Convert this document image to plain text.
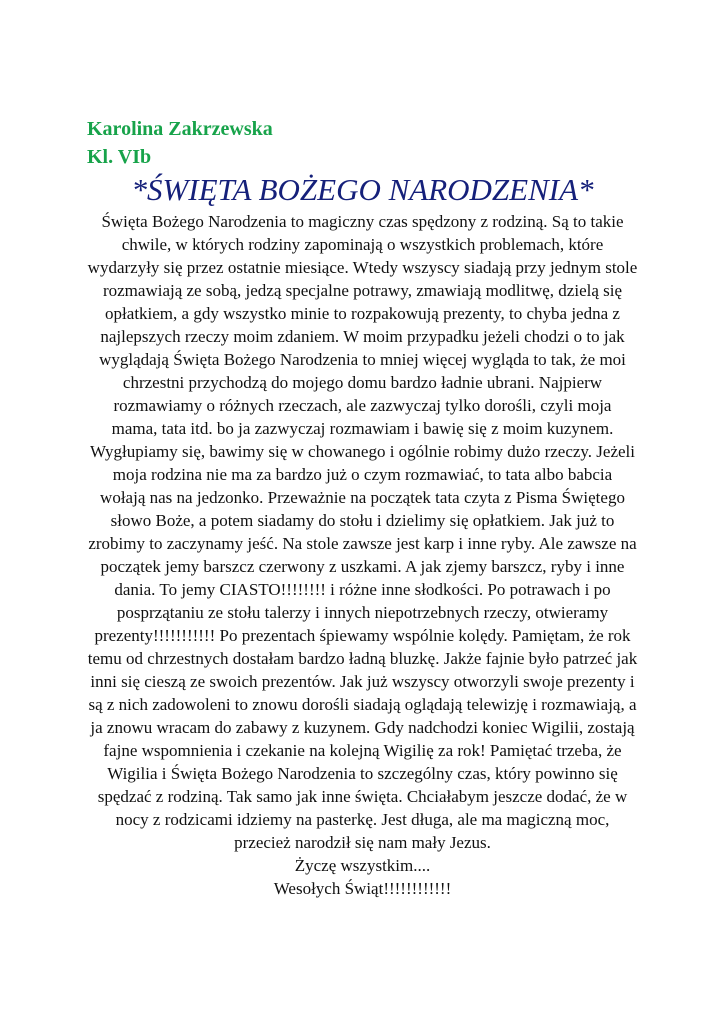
Karolina Zakrzewska

Kl. VIb

*ŚWIĘTA BOŻEGO NARODZENIA*
Święta Bożego Narodzenia to magiczny czas spędzony z rodziną. Są to takie
chwile, w których rodziny zapominają o wszystkich problemach, które
wydarzyły się przez ostatnie miesiące. Wtedy wszyscy siadają przy jednym stole
rozmawiają ze sobą, jedzą specjalne potrawy, zmawiają modlitwę, dzielą się
opłatkiem, a gdy wszystko minie to rozpakowują prezenty, to chyba jedna z
najlepszych rzeczy moim zdaniem. W moim przypadku jeżeli chodzi o to jak
wyglądają Święta Bożego Narodzenia to mniej więcej wygląda to tak, że moi
chrzestni przychodzą do mojego domu bardzo ładnie ubrani. Najpierw
rozmawiamy o różnych rzeczach, ale zazwyczaj tylko dorośli, czyli moja
mama, tata itd. bo ja zazwyczaj rozmawiam i bawię się z moim kuzynem.
Wygłupiamy się, bawimy się w chowanego i ogólnie robimy dużo rzeczy. Jeżeli
moja rodzina nie ma za bardzo już o czym rozmawiać, to tata albo babcia
wołają nas na jedzonko. Przeważnie na początek tata czyta z Pisma Świętego
słowo Boże, a potem siadamy do stołu i dzielimy się opłatkiem. Jak już to
zrobimy to zaczynamy jeść. Na stole zawsze jest karp i inne ryby. Ale zawsze na
początek jemy barszcz czerwony z uszkami. A jak zjemy barszcz, ryby i inne
dania. To jemy CIASTO!!!!!!!! i różne inne słodkości. Po potrawach i po
posprzątaniu ze stołu talerzy i innych niepotrzebnych rzeczy, otwieramy
prezenty!!!!!!!!!!! Po prezentach śpiewamy wspólnie kolędy. Pamiętam, że rok
temu od chrzestnych dostałam bardzo ładną bluzkę. Jakże fajnie było patrzeć jak
inni się cieszą ze swoich prezentów. Jak już wszyscy otworzyli swoje prezenty i
są z nich zadowoleni to znowu dorośli siadają oglądają telewizję i rozmawiają, a
ja znowu wracam do zabawy z kuzynem. Gdy nadchodzi koniec Wigilii, zostają
fajne wspomnienia i czekanie na kolejną Wigilię za rok! Pamiętać trzeba, że
Wigilia i Święta Bożego Narodzenia to szczególny czas, który powinno się
spędzać z rodziną. Tak samo jak inne święta. Chciałabym jeszcze dodać, że w
nocy z rodzicami idziemy na pasterkę. Jest długa, ale ma magiczną moc,
przecież narodził się nam mały Jezus.
Życzę wszystkim....
Wesołych Świąt!!!!!!!!!!!!
